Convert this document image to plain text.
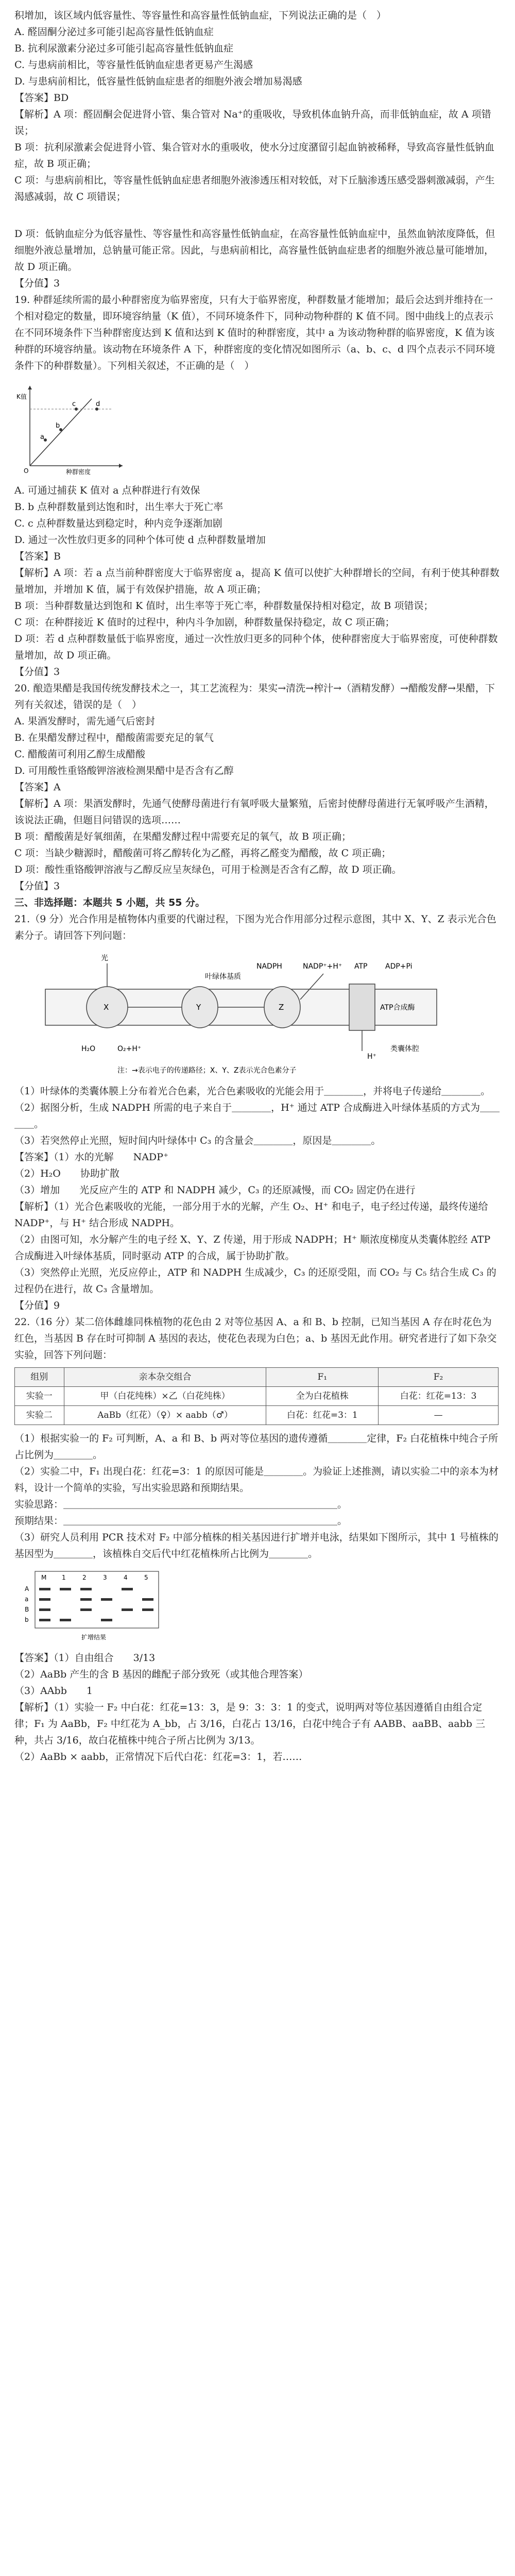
积增加，该区域内低容量性、等容量性和高容量性低钠血症，下列说法正确的是（　）

A. 醛固酮分泌过多可能引起高容量性低钠血症

B. 抗利尿激素分泌过多可能引起高容量性低钠血症

C. 与患病前相比，等容量性低钠血症患者更易产生渴感

D. 与患病前相比，低容量性低钠血症患者的细胞外液会增加易渴感

【答案】BD

【解析】A 项：醛固酮会促进肾小管、集合管对 Na⁺的重吸收，导致机体血钠升高，而非低钠血症，故 A 项错误；

B 项：抗利尿激素会促进肾小管、集合管对水的重吸收，使水分过度潴留引起血钠被稀释，导致高容量性低钠血症，故 B 项正确；

C 项：与患病前相比，等容量性低钠血症患者细胞外液渗透压相对较低，对下丘脑渗透压感受器刺激减弱，产生渴感减弱，故 C 项错误；

D 项：低钠血症分为低容量性、等容量性和高容量性低钠血症，在高容量性低钠血症中，虽然血钠浓度降低，但细胞外液总量增加，总钠量可能正常。因此，与患病前相比，高容量性低钠血症患者的细胞外液总量可能增加，故 D 项正确。

【分值】3

19. 种群延续所需的最小种群密度为临界密度，只有大于临界密度，种群数量才能增加；最后会达到并维持在一个相对稳定的数量，即环境容纳量（K 值），不同环境条件下，同种动物种群的 K 值不同。图中曲线上的点表示在不同环境条件下当种群密度达到 K 值和达到 K 值时的种群密度，其中 a 为该动物种群的临界密度，K 值为该种群的环境容纳量。该动物在环境条件 A 下，种群密度的变化情况如图所示（a、b、c、d 四个点表示不同环境条件下的种群数量）。下列相关叙述，不正确的是（　）

a
b
c	d
K值
种群密度
O

A. 可通过捕获 K 值对 a 点种群进行有效保

B. b 点种群数量到达饱和时，出生率大于死亡率

C. c 点种群数量达到稳定时，种内竞争逐渐加剧

D. 通过一次性放归更多的同种个体可使 d 点种群数量增加

【答案】B

【解析】A 项：若 a 点当前种群密度大于临界密度 a，提高 K 值可以使扩大种群增长的空间，有利于使其种群数量增加，并增加 K 值，属于有效保护措施，故 A 项正确；

B 项：当种群数量达到饱和 K 值时，出生率等于死亡率，种群数量保持相对稳定，故 B 项错误；

C 项：在种群接近 K 值时的过程中，种内斗争加剧，种群数量保持稳定，故 C 项正确；

D 项：若 d 点种群数量低于临界密度，通过一次性放归更多的同种个体，使种群密度大于临界密度，可使种群数量增加，故 D 项正确。

【分值】3

20. 酿造果醋是我国传统发酵技术之一，其工艺流程为：果实→清洗→榨汁→（酒精发酵）→醋酸发酵→果醋，下列有关叙述，错误的是（　）

A. 果酒发酵时，需先通气后密封

B. 在果醋发酵过程中，醋酸菌需要充足的氧气

C. 醋酸菌可利用乙醇生成醋酸

D. 可用酸性重铬酸钾溶液检测果醋中是否含有乙醇

【答案】A

【解析】A 项：果酒发酵时，先通气使酵母菌进行有氧呼吸大量繁殖，后密封使酵母菌进行无氧呼吸产生酒精，该说法正确，但题目问错误的选项……

B 项：醋酸菌是好氧细菌，在果醋发酵过程中需要充足的氧气，故 B 项正确；

C 项：当缺少糖源时，醋酸菌可将乙醇转化为乙醛，再将乙醛变为醋酸，故 C 项正确；

D 项：酸性重铬酸钾溶液与乙醇反应呈灰绿色，可用于检测是否含有乙醇，故 D 项正确。

【分值】3

三、非选择题：本题共 5 小题，共 55 分。

21.（9 分）光合作用是植物体内重要的代谢过程，下图为光合作用部分过程示意图，其中 X、Y、Z 表示光合色素分子。请回答下列问题：

光
H₂O	O₂+H⁺
ADP+Pi
ATP
NADP⁺+H⁺
NADPH
ATP合成酶
H⁺
类囊体腔
叶绿体基质
X	Y	Z
注：→表示电子的传递路径；X、Y、Z表示光合色素分子

（1）叶绿体的类囊体膜上分布着光合色素，光合色素吸收的光能会用于＿＿＿＿，并将电子传递给＿＿＿＿。

（2）据图分析，生成 NADPH 所需的电子来自于＿＿＿＿，H⁺ 通过 ATP 合成酶进入叶绿体基质的方式为＿＿＿＿。

（3）若突然停止光照，短时间内叶绿体中 C₃ 的含量会＿＿＿＿，原因是＿＿＿＿。

【答案】（1）水的光解　　NADP⁺

（2）H₂O　　协助扩散

（3）增加　　光反应产生的 ATP 和 NADPH 减少，C₃ 的还原减慢，而 CO₂ 固定仍在进行

【解析】（1）光合色素吸收的光能，一部分用于水的光解，产生 O₂、H⁺ 和电子，电子经过传递，最终传递给 NADP⁺，与 H⁺ 结合形成 NADPH。

（2）由图可知，水分解产生的电子经 X、Y、Z 传递，用于形成 NADPH；H⁺ 顺浓度梯度从类囊体腔经 ATP 合成酶进入叶绿体基质，同时驱动 ATP 的合成，属于协助扩散。

（3）突然停止光照，光反应停止，ATP 和 NADPH 生成减少，C₃ 的还原受阻，而 CO₂ 与 C₅ 结合生成 C₃ 的过程仍在进行，故 C₃ 含量增加。

【分值】9

22.（16 分）某二倍体雌雄同株植物的花色由 2 对等位基因 A、a 和 B、b 控制，已知当基因 A 存在时花色为红色，当基因 B 存在时可抑制 A 基因的表达，使花色表现为白色；a、b 基因无此作用。研究者进行了如下杂交实验，回答下列问题：

组别	亲本杂交组合	F₁	F₂
实验一	甲（白花纯株）×乙（白花纯株）	全为白花植株	白花：红花=13：3
实验二	AaBb（红花）（♀）× aabb（♂）	白花：红花=3：1	—

（1）根据实验一的 F₂ 可判断，A、a 和 B、b 两对等位基因的遗传遵循＿＿＿＿定律，F₂ 白花植株中纯合子所占比例为＿＿＿＿。

（2）实验二中，F₁ 出现白花：红花=3：1 的原因可能是＿＿＿＿。为验证上述推测，请以实验二中的亲本为材料，设计一个简单的实验，写出实验思路和预期结果。

实验思路：＿＿＿＿＿＿＿＿＿＿＿＿＿＿＿＿＿＿＿＿＿＿＿＿＿＿＿＿。

预期结果：＿＿＿＿＿＿＿＿＿＿＿＿＿＿＿＿＿＿＿＿＿＿＿＿＿＿＿＿。

（3）研究人员利用 PCR 技术对 F₂ 中部分植株的相关基因进行扩增并电泳，结果如下图所示，其中 1 号植株的基因型为＿＿＿＿，该植株自交后代中红花植株所占比例为＿＿＿＿。

M 1	2	3	4	5
A
a
B
b
扩增结果

【答案】（1）自由组合　　3/13

（2）AaBb 产生的含 B 基因的雌配子部分致死（或其他合理答案）

（3）AAbb　　1

【解析】（1）实验一 F₂ 中白花：红花=13：3，是 9：3：3：1 的变式，说明两对等位基因遵循自由组合定律；F₁ 为 AaBb，F₂ 中红花为 A_bb，占 3/16，白花占 13/16，白花中纯合子有 AABB、aaBB、aabb 三种，共占 3/16，故白花植株中纯合子所占比例为 3/13。

（2）AaBb × aabb，正常情况下后代白花：红花=3：1，若……
